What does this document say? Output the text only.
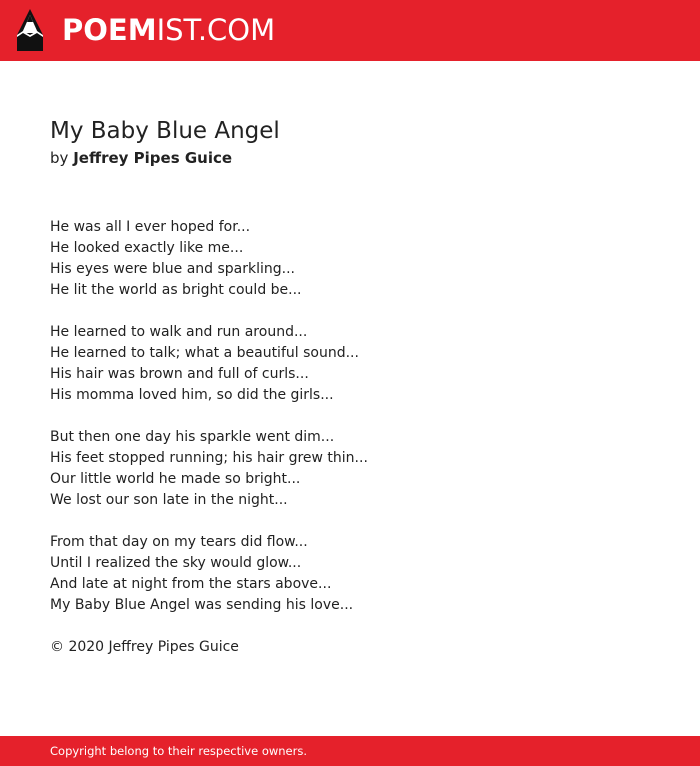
POEMIST.COM
My Baby Blue Angel
by Jeffrey Pipes Guice
He was all I ever hoped for...
He looked exactly like me...
His eyes were blue and sparkling...
He lit the world as bright could be...
He learned to walk and run around...
He learned to talk; what a beautiful sound...
His hair was brown and full of curls...
His momma loved him, so did the girls...
But then one day his sparkle went dim...
His feet stopped running; his hair grew thin...
Our little world he made so bright...
We lost our son late in the night...
From that day on my tears did flow...
Until I realized the sky would glow...
And late at night from the stars above...
My Baby Blue Angel was sending his love...
© 2020 Jeffrey Pipes Guice
Copyright belong to their respective owners.
